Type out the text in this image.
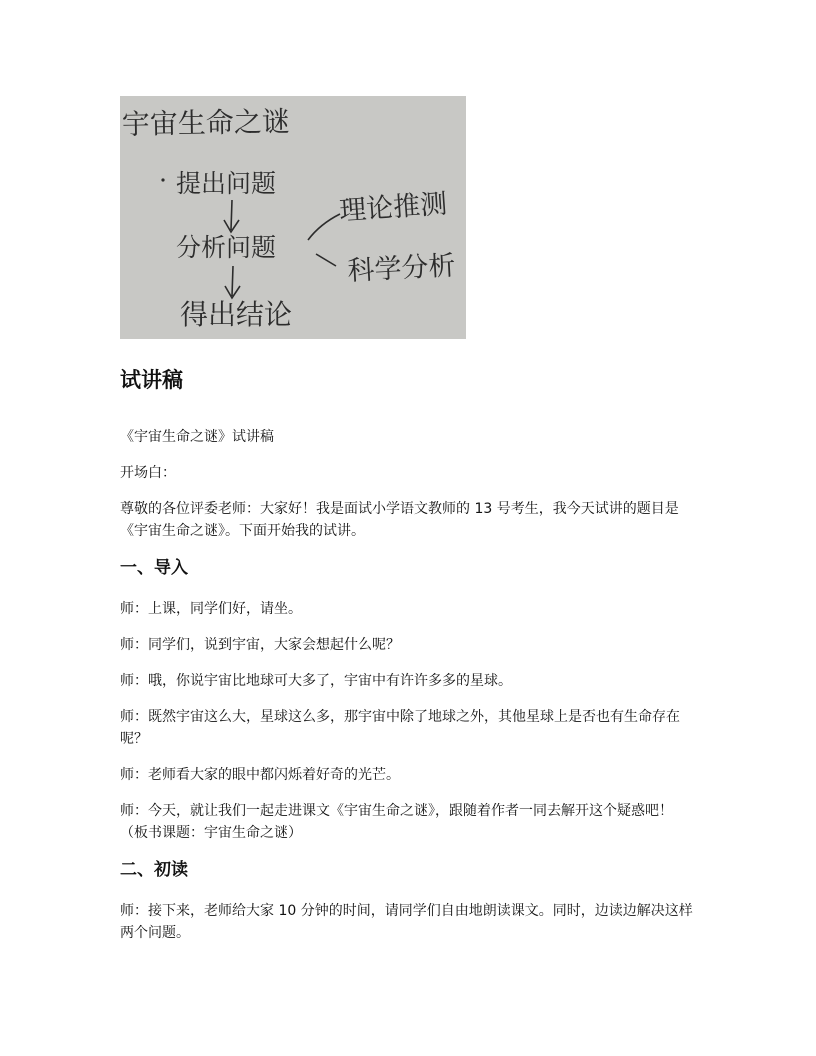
宇宙生命之谜
提出问题
分析问题
得出结论
理论推测
科学分析
试讲稿

《宇宙生命之谜》试讲稿

开场白：

尊敬的各位评委老师：大家好！我是面试小学语文教师的 13 号考生，我今天试讲的题目是《宇宙生命之谜》。下面开始我的试讲。

一、导入

师：上课，同学们好，请坐。

师：同学们，说到宇宙，大家会想起什么呢？

师：哦，你说宇宙比地球可大多了，宇宙中有许许多多的星球。

师：既然宇宙这么大，星球这么多，那宇宙中除了地球之外，其他星球上是否也有生命存在呢？

师：老师看大家的眼中都闪烁着好奇的光芒。

师：今天，就让我们一起走进课文《宇宙生命之谜》，跟随着作者一同去解开这个疑惑吧！（板书课题：宇宙生命之谜）

二、初读

师：接下来，老师给大家 10 分钟的时间，请同学们自由地朗读课文。同时，边读边解决这样两个问题。
